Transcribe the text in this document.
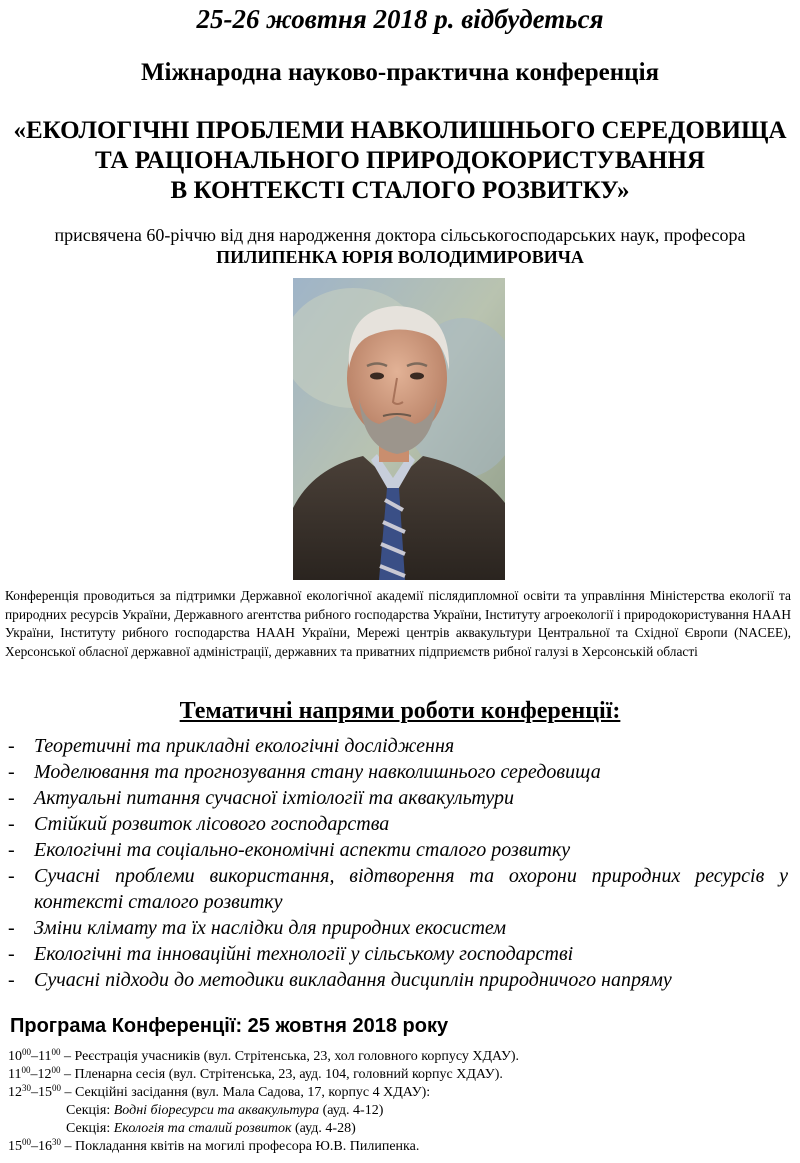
25-26 жовтня 2018 р. відбудеться
Міжнародна науково-практична конференція
«ЕКОЛОГІЧНІ ПРОБЛЕМИ НАВКОЛИШНЬОГО СЕРЕДОВИЩА
ТА РАЦІОНАЛЬНОГО ПРИРОДОКОРИСТУВАННЯ
В КОНТЕКСТІ СТАЛОГО РОЗВИТКУ»
присвячена 60-річчю від дня народження доктора сільськогосподарських наук, професора
ПИЛИПЕНКА ЮРІЯ ВОЛОДИМИРОВИЧА
Конференція проводиться за підтримки Державної екологічної академії післядипломної освіти та управління Міністерства екології та природних ресурсів України, Державного агентства рибного господарства України, Інституту агроекології і природокористування НААН України, Інституту рибного господарства НААН України, Мережі центрів аквакультури Центральної та Східної Європи (NACEE), Херсонської обласної державної адміністрації, державних та приватних підприємств рибної галузі в Херсонській області
Тематичні напрями роботи конференції:
- Теоретичні та прикладні екологічні дослідження
- Моделювання та прогнозування стану навколишнього середовища
- Актуальні питання сучасної іхтіології та аквакультури
- Стійкий розвиток лісового господарства
- Екологічні та соціально-економічні аспекти сталого розвитку
- Сучасні проблеми використання, відтворення та охорони природних ресурсів у контексті сталого розвитку
- Зміни клімату та їх наслідки для природних екосистем
- Екологічні та інноваційні технології у сільському господарстві
- Сучасні підходи до методики викладання дисциплін природничого напряму
Програма Конференції: 25 жовтня 2018 року
$10^{00}-11^{00}$ – Реєстрація учасників (вул. Стрітенська, 23, хол головного корпусу ХДАУ).
$11^{00}-12^{00}$ – Пленарна сесія (вул. Стрітенська, 23, ауд. 104, головний корпус ХДАУ).
$12^{30}-15^{00}$ – Секційні засідання (вул. Мала Садова, 17, корпус 4 ХДАУ):
Секція: Водні біоресурси та аквакультура (ауд. 4-12)
Секція: Екологія та сталий розвиток (ауд. 4-28)
$15^{00}-16^{30}$ – Покладання квітів на могилі професора Ю.В. Пилипенка.
